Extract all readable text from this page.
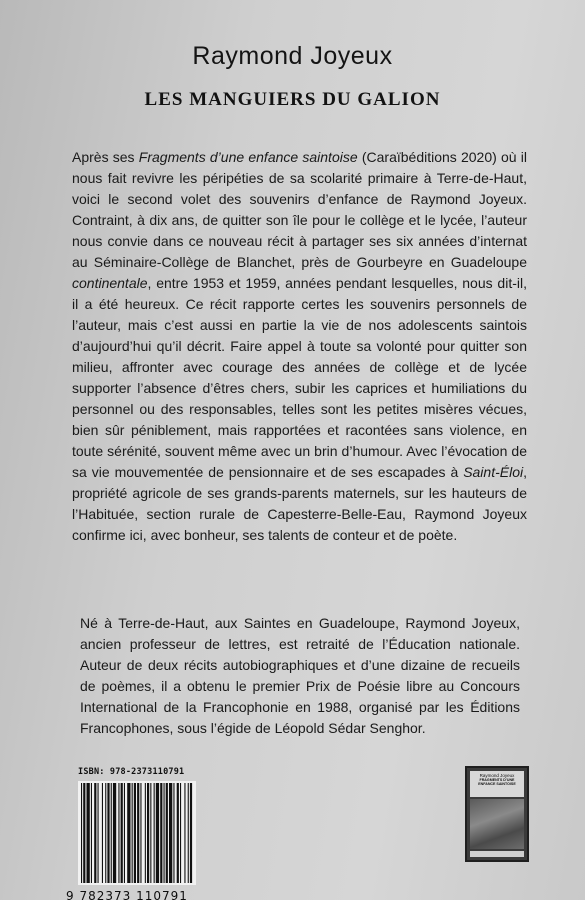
Raymond Joyeux
LES MANGUIERS DU GALION
Après ses Fragments d’une enfance saintoise (Caraïbéditions 2020) où il nous fait revivre les péripéties de sa scolarité primaire à Terre-de-Haut, voici le second volet des souvenirs d’enfance de Raymond Joyeux. Contraint, à dix ans, de quitter son île pour le collège et le lycée, l’auteur nous convie dans ce nouveau récit à partager ses six années d’internat au Séminaire-Collège de Blanchet, près de Gourbeyre en Guadeloupe continentale, entre 1953 et 1959, années pendant lesquelles, nous dit-il, il a été heureux. Ce récit rapporte certes les souvenirs personnels de l’auteur, mais c’est aussi en partie la vie de nos adolescents saintois d’aujourd’hui qu’il décrit. Faire appel à toute sa volonté pour quitter son milieu, affronter avec courage des années de collège et de lycée supporter l’absence d’êtres chers, subir les caprices et humiliations du personnel ou des responsables, telles sont les petites misères vécues, bien sûr péniblement, mais rapportées et racontées sans violence, en toute sérénité, souvent même avec un brin d’humour. Avec l’évocation de sa vie mouvementée de pensionnaire et de ses escapades à Saint-Éloi, propriété agricole de ses grands-parents maternels, sur les hauteurs de l’Habituée, section rurale de Capesterre-Belle-Eau, Raymond Joyeux confirme ici, avec bonheur, ses talents de conteur et de poète.
Né à Terre-de-Haut, aux Saintes en Guadeloupe, Raymond Joyeux, ancien professeur de lettres, est retraité de l’Éducation nationale. Auteur de deux récits autobiographiques et d’une dizaine de recueils de poèmes, il a obtenu le premier Prix de Poésie libre au Concours International de la Francophonie en 1988, organisé par les Éditions Francophones, sous l’égide de Léopold Sédar Senghor.
ISBN: 978-2373110791
9 782373 110791
Raymond Joyeux
FRAGMENTS D’UNE ENFANCE SAINTOISE
